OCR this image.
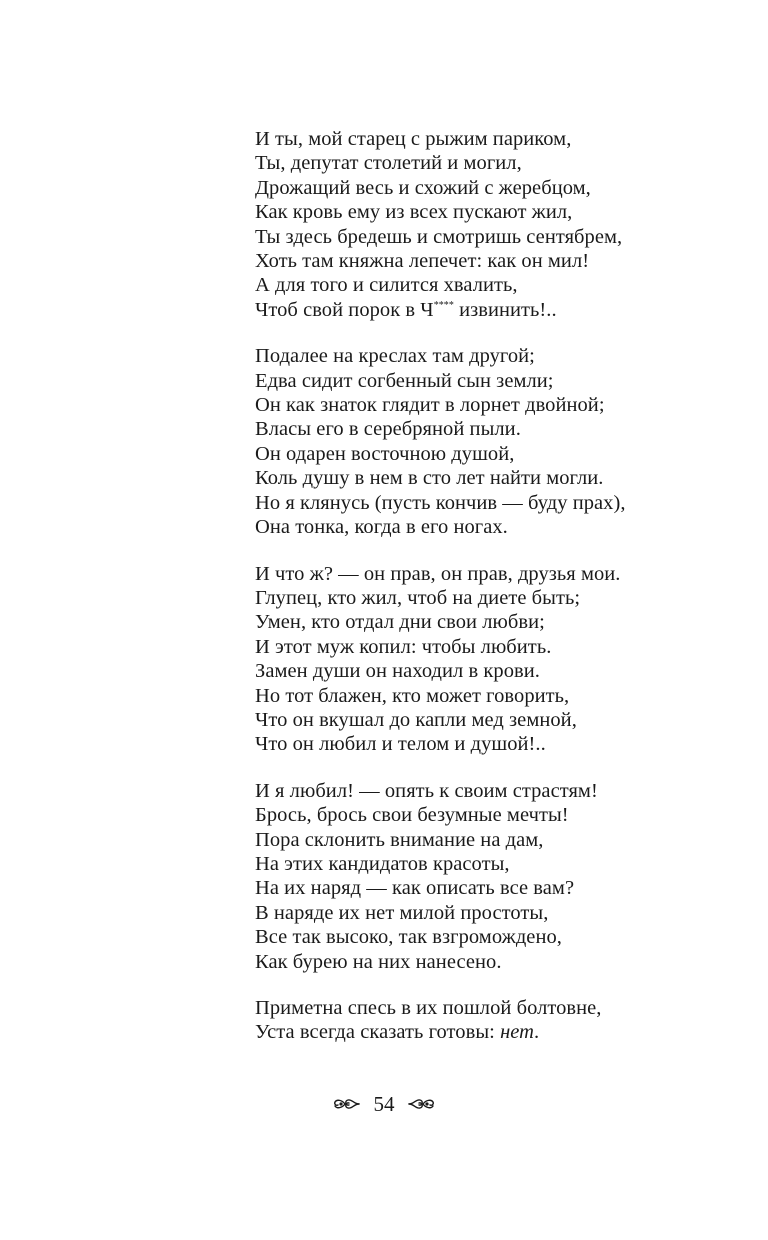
И ты, мой старец с рыжим париком,
Ты, депутат столетий и могил,
Дрожащий весь и схожий с жеребцом,
Как кровь ему из всех пускают жил,
Ты здесь бредешь и смотришь сентябрем,
Хоть там княжна лепечет: как он мил!
А для того и силится хвалить,
Чтоб свой порок в Ч**** извинить!..
Подалее на креслах там другой;
Едва сидит согбенный сын земли;
Он как знаток глядит в лорнет двойной;
Власы его в серебряной пыли.
Он одарен восточною душой,
Коль душу в нем в сто лет найти могли.
Но я клянусь (пусть кончив — буду прах),
Она тонка, когда в его ногах.
И что ж? — он прав, он прав, друзья мои.
Глупец, кто жил, чтоб на диете быть;
Умен, кто отдал дни свои любви;
И этот муж копил: чтобы любить.
Замен души он находил в крови.
Но тот блажен, кто может говорить,
Что он вкушал до капли мед земной,
Что он любил и телом и душой!..
И я любил! — опять к своим страстям!
Брось, брось свои безумные мечты!
Пора склонить внимание на дам,
На этих кандидатов красоты,
На их наряд — как описать все вам?
В наряде их нет милой простоты,
Все так высоко, так взгромождено,
Как бурею на них нанесено.
Приметна спесь в их пошлой болтовне,
Уста всегда сказать готовы: нет.
54
